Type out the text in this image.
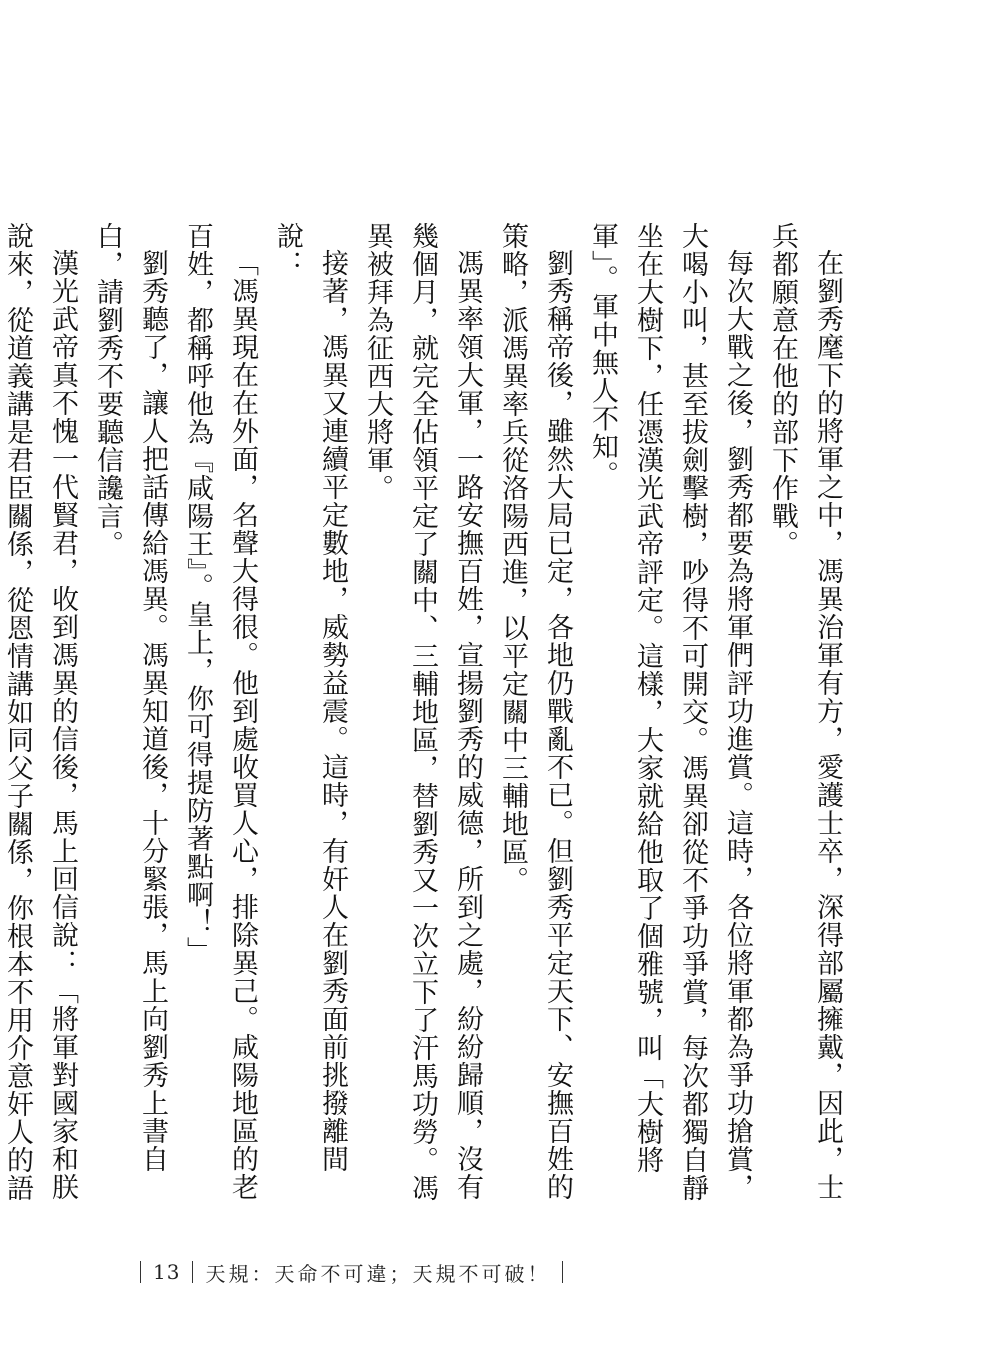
在劉秀麾下的將軍之中，馮異治軍有方，愛護士卒，深得部屬擁戴，因此，士兵都願意在他的部下作戰。

每次大戰之後，劉秀都要為將軍們評功進賞。這時，各位將軍都為爭功搶賞，大喝小叫，甚至拔劍擊樹，吵得不可開交。馮異卻從不爭功爭賞，每次都獨自靜坐在大樹下，任憑漢光武帝評定。這樣，大家就給他取了個雅號，叫「大樹將軍」。軍中無人不知。

劉秀稱帝後，雖然大局已定，各地仍戰亂不已。但劉秀平定天下、安撫百姓的策略，派馮異率兵從洛陽西進，以平定關中三輔地區。

馮異率領大軍，一路安撫百姓，宣揚劉秀的威德，所到之處，紛紛歸順，沒有幾個月，就完全佔領平定了關中、三輔地區，替劉秀又一次立下了汗馬功勞。馮異被拜為征西大將軍。

接著，馮異又連續平定數地，威勢益震。這時，有奸人在劉秀面前挑撥離間說：

「馮異現在在外面，名聲大得很。他到處收買人心，排除異己。咸陽地區的老百姓，都稱呼他為『咸陽王』。皇上，你可得提防著點啊！」

劉秀聽了，讓人把話傳給馮異。馮異知道後，十分緊張，馬上向劉秀上書自白，請劉秀不要聽信讒言。

漢光武帝真不愧一代賢君，收到馮異的信後，馬上回信說：「將軍對國家和朕說來，從道義講是君臣關係，從恩情講如同父子關係，你根本不用介意奸人的語

13 天規：天命不可違；天規不可破！
